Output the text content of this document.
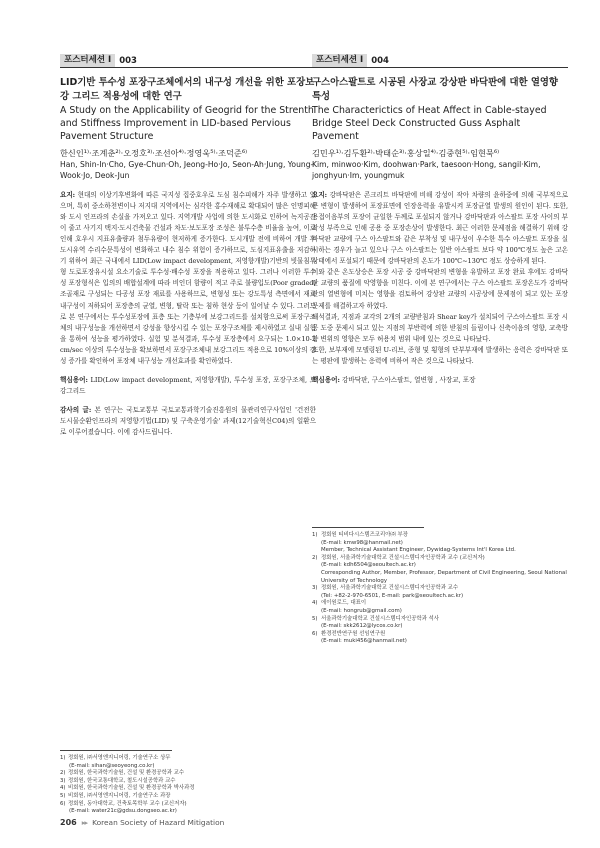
포스터세션 Ⅰ 003
LID기반 투수성 포장구조체에서의 내구성 개선을 위한 포장보강 그리드 적용성에 대한 연구
A Study on the Applicability of Geogrid for the Strenth and Stiffness Improvement in LID-based Pervious Pavement Structure
한신인¹⁾·조계춘²⁾·오정호³⁾·조선아⁴⁾·정영욱⁵⁾·조덕준⁶⁾
Han, Shin-In·Cho, Gye-Chun·Oh, Jeong-Ho·Jo, Seon-Ah·Jung, Young-Wook·Jo, Deok-Jun
요지: 현대의 이상기후변화에 따른 국지성 집중호우로 도심 침수피해가 자주 발생하고 있으며, 특히 중소하천변이나 저지대 지역에서는 심각한 홍수재해로 확대되어 많은 인명피해와 도시 인프라의 손실을 가져오고 있다. 지역개발 사업에 의한 도시화로 인하여 녹지공간이 줄고 사기지 택지·도시건축물 건설과 차도·보도포장 조성은 불투수층 비율을 높여, 이로 인해 호우시 지표유출량과 첨두유량이 현저하게 증가한다. 도시개발 전에 비하여 개발 후 도시유역 수리수문특성이 변화하고 내수 침수 위험이 증가하므로, 도심지표유출을 저감하기 위하여 최근 국내에서 LID(Low impact development, 저영향개발)기반의 빗물침투형 도로포장유시설 요소기술로 투수성·배수성 포장을 적용하고 있다. 그러나 이러한 투수성 포장형식은 입의의 배합설계에 따라 비인더 함량이 적고 주로 불량입도(Poor graded) 조골재로 구성되는 다공성 포장 재료를 사용하므로, 변형성 또는 강도특성 측면에서 재료 내구성이 저하되어 포장층의 균열, 변형, 탈락 또는 침하 현상 등이 일어날 수 있다. 그러므로 본 연구에서는 투수성포장에 표층 또는 기층부에 보강그리드를 설치함으로써 포장구조체의 내구성능을 개선하면서 강성을 향상시킬 수 있는 포장구조체를 제시하였고 실내 실험을 통하여 성능을 평가하였다. 실험 및 분석결과, 투수성 포장층에서 요구되는 1.0×10-2 cm/sec 이상의 투수성능을 확보하면서 포장구조체내 보강그리드 적용으로 10%이상의 강성 증가를 확인하여 포장체 내구성능 개선효과를 확인하였다.
핵심용어: LID(Low impact development, 저영향개발), 투수성 포장, 포장구조체, 보강그리드
감사의 글: 본 연구는 국토교통부 국토교통과학기술진흥원의 물관리연구사업인 '건전한 도시물순환인프라의 저영향기법(LID) 및 구축운영기술' 과제(12기술혁신C04)의 일환으로 이루어졌습니다. 이에 감사드립니다.
1) 정회원, ㈜서영엔지니어링, 기술연구소 상무
(E-mail: sihan@seoyeong.co.kr)
2) 정회원, 한국과학기술원, 건설 및 환경공학과 교수
3) 정회원, 한국교통대학교, 철도시설공학과 교수
4) 비회원, 한국과학기술원, 건설 및 환경공학과 박사과정
5) 비회원, ㈜서영엔지니어링, 기술연구소 과장
6) 정회원, 동아대학교, 건축토목학부 교수 (교신저자)
(E-mail: water21c@gdsu.dongseo.ac.kr)
포스터세션 Ⅰ 004
구스아스팔트로 시공된 사장교 강상판 바닥판에 대한 열영향 특성
The Characterictics of Heat Affect in Cable-stayed Bridge Steel Deck Constructed Guss Asphalt Pavement
김민우¹⁾·김두환²⁾·박태순³⁾·홍상일⁴⁾·김중현⁵⁾·임현묵⁶⁾
Kim, minwoo·Kim, doohwan·Park, taesoon·Hong, sangil·Kim, jonghyun·Im, youngmuk
요지: 강바닥판은 콘크리트 바닥판에 비해 강성이 작아 차량의 윤하중에 의해 국부적으로 큰 변형이 발생하여 포장표면에 인장응력을 유발시켜 포장균열 발생의 원인이 된다. 또한, 용접이음부의 포장이 균일한 두께로 포설되지 않거나 강바닥판과 아스팔트 포장 사이의 부착성 부족으로 인해 공용 중 포장손상이 발생한다. 최근 이러한 문제점을 해결하기 위해 강바닥판 교량에 구스 아스팔트와 같은 부착성 및 내구성이 우수한 특수 아스팔트 포장을 실시하는 경우가 늘고 있으나 구스 아스팔트는 일반 아스팔트 보다 약 100℃정도 높은 고온상태에서 포설되기 때문에 강바닥판의 온도가 100℃~130℃ 정도 상승하게 된다.
이와 같은 온도상승은 포장 시공 중 강바닥판의 변형을 유발하고 포장 완료 후에도 강바닥판 교량의 품질에 악영향을 미친다. 이에 본 연구에서는 구스 아스팔트 포장온도가 강바닥판의 열변형에 미치는 영향을 검토하여 강상판 교량의 시공상에 문제점이 되고 있는 포장문제를 해결하고자 하였다.
해석결과, 지점과 교각의 2개의 교량받침과 Shear key가 설치되어 구스아스팔트 포장 시공 도중 문제시 되고 있는 지점의 부반력에 의한 받침의 들림이나 신축이음의 영향, 교축방향 변위의 영향은 모두 허용치 범위 내에 있는 것으로 나타났다.
또한, 보부재에 모델링된 U-리브, 종형 및 횡형의 단부부재에 발생하는 응력은 강바닥판 또는 평판에 발생하는 응력에 비하여 작은 것으로 나타났다.
핵심용어: 강바닥판, 구스아스팔트, 열변형 , 사장교, 포장
1) 정회원 티비다시스템즈코리아㈜ 부장
(E-mail: kmw98@hanmail.net)
Member, Technical Assistant Engineer, Dywidag-Systems Int'l Korea Ltd.
2) 정회원, 서울과학기술대학교 건설시스템디자인공학과 교수 (교신저자)
(E-mail: kdh6504@seoultech.ac.kr)
Corresponding Author, Member, Professor, Department of Civil Engineering, Seoul National University of Technology
3) 정회원, 서울과학기술대학교 건설시스템디자인공학과 교수
(Tel: +82-2-970-6501, E-mail: park@seoultech.ac.kr)
4) 에이원로드, 대표이
(E-mail: hongrub@gmail.com)
5) 서울과학기술대학교 건설시스템디자인공학과 석사
(E-mail: skk2612@lycos.co.kr)
6) 환경전반연구원 선임연구원
(E-mail: muki456@hanmail.net)
206 ▸▸ Korean Society of Hazard Mitigation
